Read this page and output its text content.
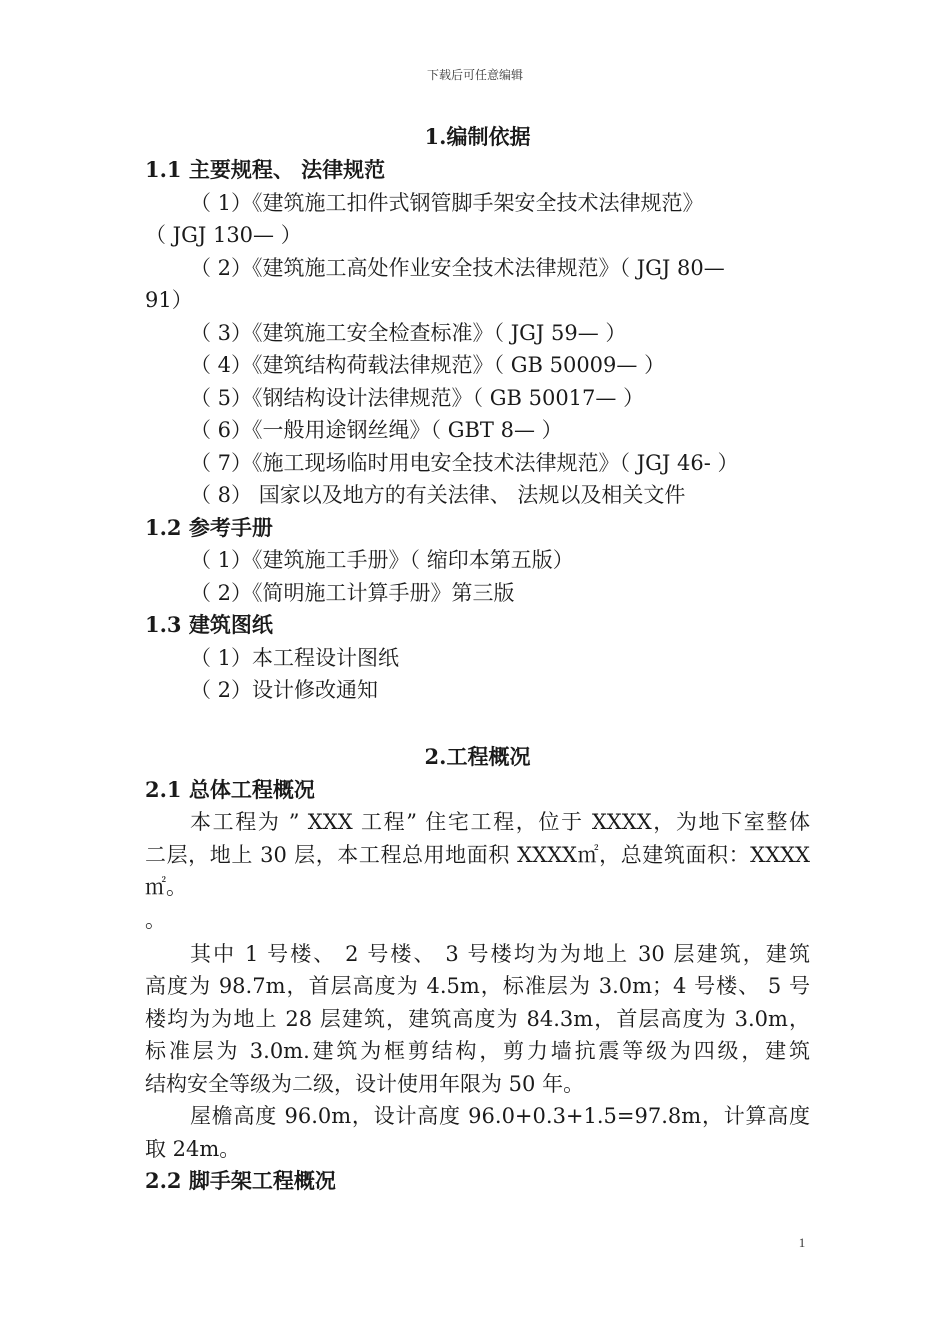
下载后可任意编辑
1.编制依据
1.1 主要规程、 法律规范
（ 1）《建筑施工扣件式钢管脚手架安全技术法律规范》
（ JGJ 130— ）
（ 2）《建筑施工高处作业安全技术法律规范》（ JGJ 80—
91）
（ 3）《建筑施工安全检查标准》（ JGJ 59— ）
（ 4）《建筑结构荷载法律规范》（ GB 50009— ）
（ 5）《钢结构设计法律规范》（ GB 50017— ）
（ 6）《一般用途钢丝绳》（ GBT 8— ）
（ 7）《施工现场临时用电安全技术法律规范》（ JGJ 46- ）
（ 8） 国家以及地方的有关法律、 法规以及相关文件
1.2 参考手册
（ 1）《建筑施工手册》（ 缩印本第五版）
（ 2）《简明施工计算手册》第三版
1.3 建筑图纸
（ 1）本工程设计图纸
（ 2）设计修改通知
2.工程概况
2.1 总体工程概况
本工程为 ” XXX 工程” 住宅工程，位于 XXXX，为地下室整体
二层，地上 30 层，本工程总用地面积 XXXX㎡，总建筑面积：XXXX
㎡。
。
其中 1 号楼、 2 号楼、 3 号楼均为为地上 30 层建筑，建筑
高度为 98.7m，首层高度为 4.5m，标准层为 3.0m；4 号楼、 5 号
楼均为为地上 28 层建筑，建筑高度为 84.3m，首层高度为 3.0m，
标准层为 3.0m.建筑为框剪结构，剪力墙抗震等级为四级，建筑
结构安全等级为二级，设计使用年限为 50 年。
屋檐高度 96.0m，设计高度 96.0+0.3+1.5=97.8m，计算高度
取 24m。
2.2 脚手架工程概况
1
